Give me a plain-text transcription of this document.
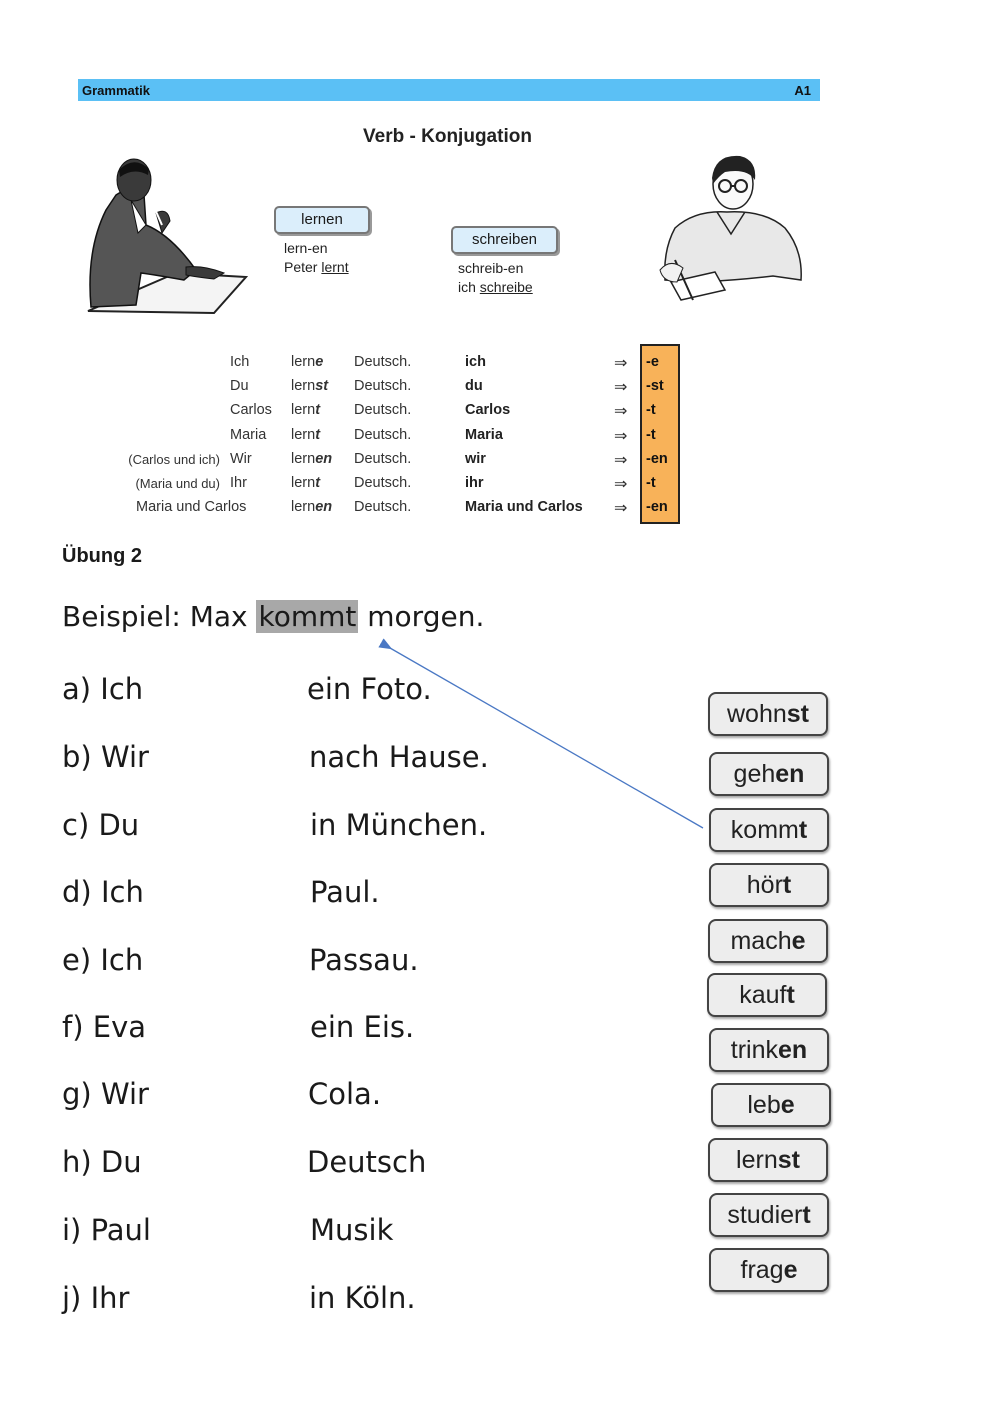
Grammatik	A1
Verb - Konjugation
lernen
lern-en
Peter lernt
schreiben
schreib-en
ich schreibe
Ich	lerne Deutsch.	ich	⇒ -e
Du	lernst Deutsch.	du	⇒ -st
Carlos lernt Deutsch.	Carlos	⇒ -t
Maria lernt Deutsch.	Maria	⇒ -t
(Carlos und ich) Wir	lernen Deutsch.	wir	⇒ -en
(Maria und du) Ihr	lernt Deutsch.	ihr	⇒ -t
Maria und Carlos	lernen Deutsch.	Maria und Carlos ⇒ -en
Übung 2
Beispiel: Max kommt morgen.
a) Ich	ein Foto.
b) Wir	nach Hause.
c) Du	in München.
d) Ich	Paul.
e) Ich	Passau.
f) Eva	ein Eis.
g) Wir	Cola.
h) Du	Deutsch
i) Paul	Musik
j) Ihr	in Köln.
wohnst
gehen
kommt
hört
mache
kauft
trinken
lebe
lernst
studiert
frage
